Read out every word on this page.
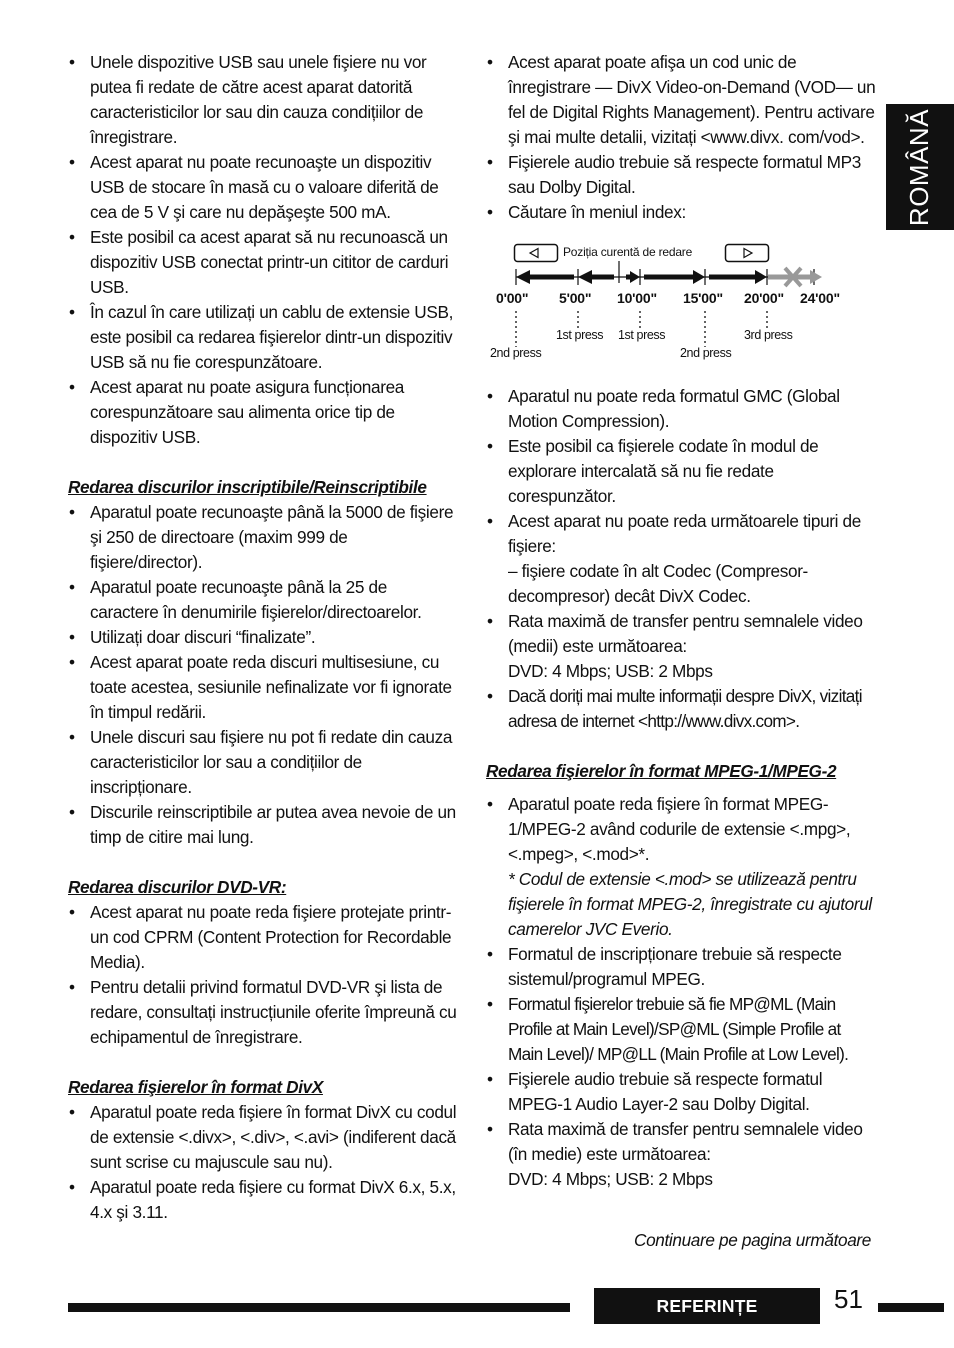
ROMÂNĂ
• Unele dispozitive USB sau unele fişiere nu vor putea fi redate de către acest aparat datorită caracteristicilor lor sau din cauza condițiilor de înregistrare.
• Acest aparat nu poate recunoaşte un dispozitiv USB de stocare în masă cu o valoare diferită de cea de 5 V şi care nu depăşeşte 500 mA.
• Este posibil ca acest aparat să nu recunoască un dispozitiv USB conectat printr-un cititor de carduri USB.
• În cazul în care utilizați un cablu de extensie USB, este posibil ca redarea fişierelor dintr-un dispozitiv USB să nu fie corespunzătoare.
• Acest aparat nu poate asigura funcționarea corespunzătoare sau alimenta orice tip de dispozitiv USB.

Redarea discurilor inscriptibile/Reinscriptibile

• Aparatul poate recunoaşte până la 5000 de fişiere şi 250 de directoare (maxim 999 de fişiere/director).
• Aparatul poate recunoaşte până la 25 de caractere în denumirile fişierelor/directoarelor.
• Utilizați doar discuri “finalizate”.
• Acest aparat poate reda discuri multisesiune, cu toate acestea, sesiunile nefinalizate vor fi ignorate în timpul redării.
• Unele discuri sau fişiere nu pot fi redate din cauza caracteristicilor lor sau a condițiilor de inscripționare.
• Discurile reinscriptibile ar putea avea nevoie de un timp de citire mai lung.

Redarea discurilor DVD-VR:

• Acest aparat nu poate reda fişiere protejate printr-un cod CPRM (Content Protection for Recordable Media).
• Pentru detalii privind formatul DVD-VR şi lista de redare, consultați instrucțiunile oferite împreună cu echipamentul de înregistrare.

Redarea fişierelor în format DivX

• Aparatul poate reda fişiere în format DivX cu codul de extensie <.divx>, <.div>, <.avi> (indiferent dacă sunt scrise cu majuscule sau nu).
• Aparatul poate reda fişiere cu format DivX 6.x, 5.x, 4.x şi 3.11.
• Acest aparat poate afişa un cod unic de înregistrare — DivX Video-on-Demand (VOD— un fel de Digital Rights Management). Pentru activare şi mai multe detalii, vizitați <www.divx. com/vod>.
• Fişierele audio trebuie să respecte formatul MP3 sau Dolby Digital.
• Căutare în meniul index:
Poziția curentă de redare
0'00" 5'00" 10'00" 15'00" 20'00" 24'00"
2nd press
1st press 1st press
2nd press
3rd press
• Aparatul nu poate reda formatul GMC (Global Motion Compression).
• Este posibil ca fişierele codate în modul de explorare intercalată să nu fie redate corespunzător.
• Acest aparat nu poate reda următoarele tipuri de fişiere:
– fişiere codate în alt Codec (Compresor-decompresor) decât DivX Codec.
• Rata maximă de transfer pentru semnalele video (medii) este următoarea:
DVD: 4 Mbps; USB: 2 Mbps
• Dacă doriți mai multe informații despre DivX, vizitați adresa de internet <http://www.divx.com>.

Redarea fişierelor în format MPEG-1/MPEG-2

• Aparatul poate reda fişiere în format MPEG-1/MPEG-2 având codurile de extensie <.mpg>, <.mpeg>, <.mod>*.
* Codul de extensie <.mod> se utilizează pentru fişierele în format MPEG-2, înregistrate cu ajutorul camerelor JVC Everio.
• Formatul de inscripționare trebuie să respecte sistemul/programul MPEG.
• Formatul fişierelor trebuie să fie MP@ML (Main Profile at Main Level)/SP@ML (Simple Profile at Main Level)/ MP@LL (Main Profile at Low Level).
• Fişierele audio trebuie să respecte formatul MPEG-1 Audio Layer-2 sau Dolby Digital.
• Rata maximă de transfer pentru semnalele video (în medie) este următoarea:
DVD: 4 Mbps; USB: 2 Mbps
Continuare pe pagina următoare
REFERINȚE	51
